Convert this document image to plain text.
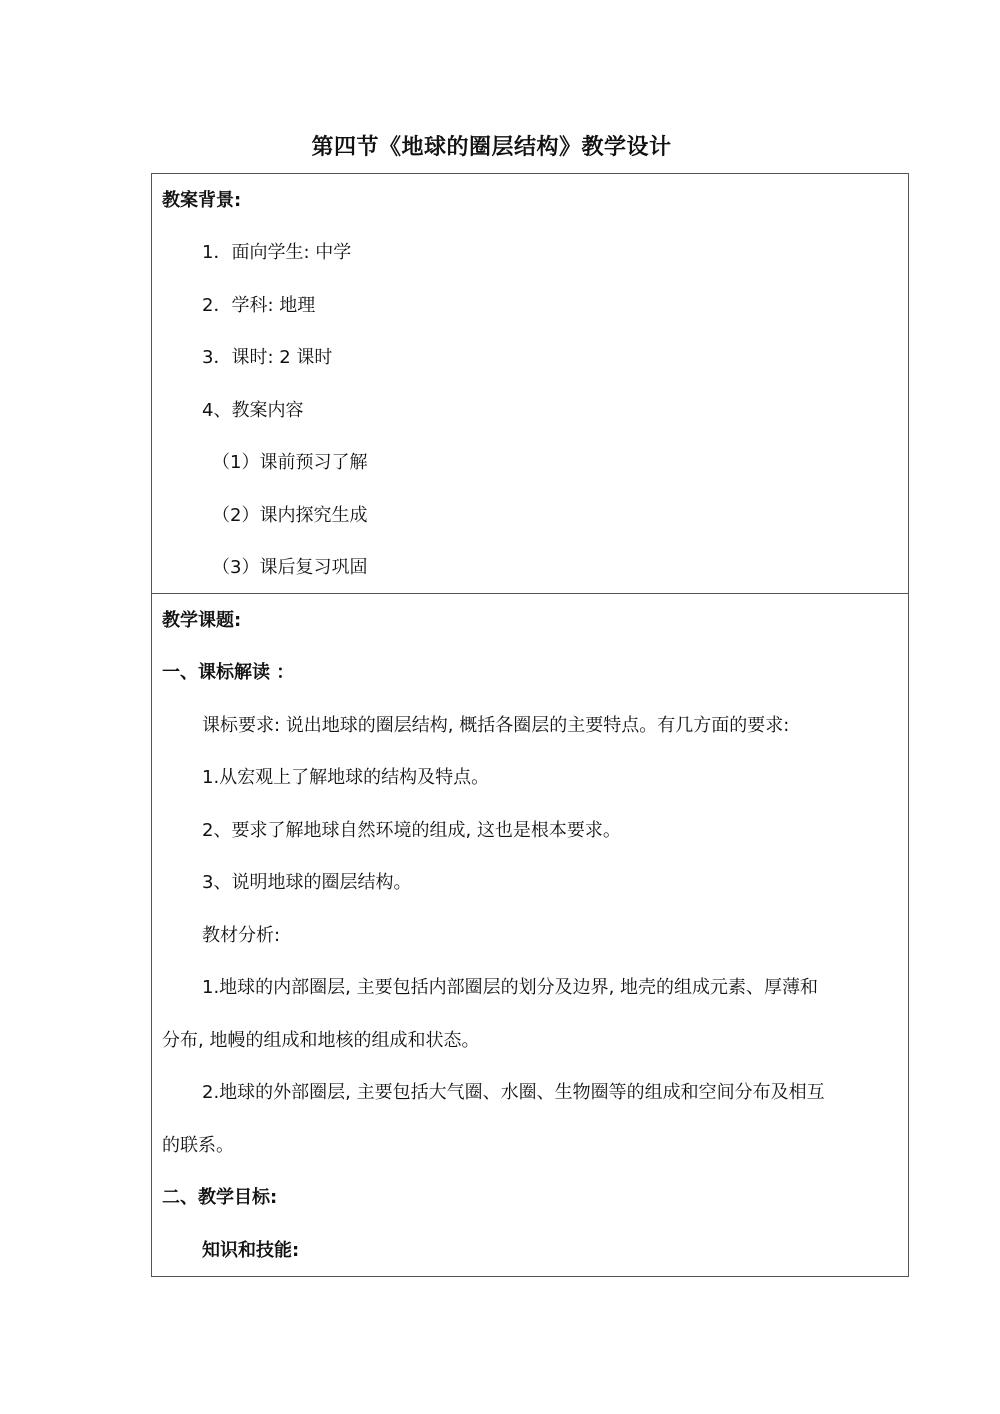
第四节《地球的圈层结构》教学设计
教案背景:
1．面向学生: 中学
2．学科: 地理
3．课时: 2 课时
4、教案内容
（1）课前预习了解
（2）课内探究生成
（3）课后复习巩固
教学课题:
一、课标解读 ：
课标要求: 说出地球的圈层结构, 概括各圈层的主要特点。有几方面的要求:
1.从宏观上了解地球的结构及特点。
2、要求了解地球自然环境的组成, 这也是根本要求。
3、说明地球的圈层结构。
教材分析:
1.地球的内部圈层, 主要包括内部圈层的划分及边界, 地壳的组成元素、厚薄和
分布, 地幔的组成和地核的组成和状态。
2.地球的外部圈层, 主要包括大气圈、水圈、生物圈等的组成和空间分布及相互
的联系。
二、教学目标:
知识和技能:
